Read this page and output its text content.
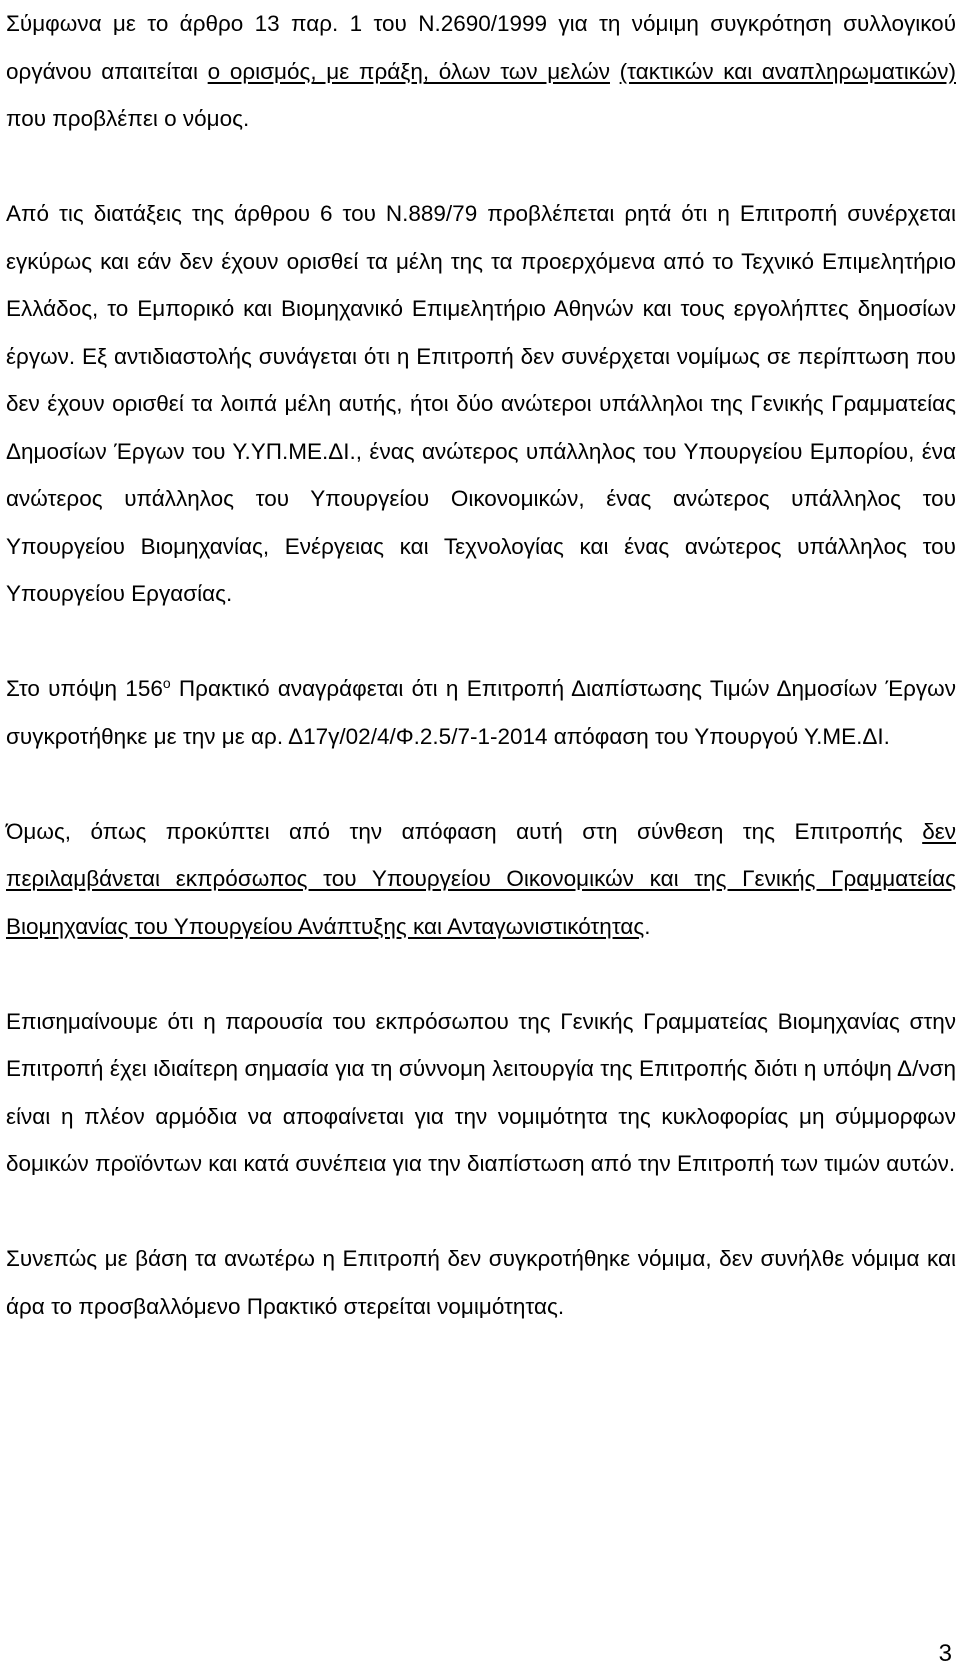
Σύμφωνα με το άρθρο 13 παρ. 1 του Ν.2690/1999 για τη νόμιμη συγκρότηση συλλογικού οργάνου απαιτείται ο ορισμός, με πράξη, όλων των μελών (τακτικών και αναπληρωματικών) που προβλέπει ο νόμος.

Από τις διατάξεις της άρθρου 6 του Ν.889/79 προβλέπεται ρητά ότι η Επιτροπή συνέρχεται εγκύρως και εάν δεν έχουν ορισθεί τα μέλη της τα προερχόμενα από το Τεχνικό Επιμελητήριο Ελλάδος, το Εμπορικό και Βιομηχανικό Επιμελητήριο Αθηνών και τους εργολήπτες δημοσίων έργων. Εξ αντιδιαστολής συνάγεται ότι η Επιτροπή δεν συνέρχεται νομίμως σε περίπτωση που δεν έχουν ορισθεί τα λοιπά μέλη αυτής, ήτοι δύο ανώτεροι υπάλληλοι της Γενικής Γραμματείας Δημοσίων Έργων του Υ.ΥΠ.ΜΕ.ΔΙ., ένας ανώτερος υπάλληλος του Υπουργείου Εμπορίου, ένα ανώτερος υπάλληλος του Υπουργείου Οικονομικών, ένας ανώτερος υπάλληλος του Υπουργείου Βιομηχανίας, Ενέργειας και Τεχνολογίας και ένας ανώτερος υπάλληλος του Υπουργείου Εργασίας.

Στο υπόψη $156^o$ Πρακτικό αναγράφεται ότι η Επιτροπή Διαπίστωσης Τιμών Δημοσίων Έργων συγκροτήθηκε με την με αρ. Δ17γ/02/4/Φ.2.5/7-1-2014 απόφαση του Υπουργού Υ.ΜΕ.ΔΙ.

Όμως, όπως προκύπτει από την απόφαση αυτή στη σύνθεση της Επιτροπής δεν περιλαμβάνεται εκπρόσωπος του Υπουργείου Οικονομικών και της Γενικής Γραμματείας Βιομηχανίας του Υπουργείου Ανάπτυξης και Ανταγωνιστικότητας.

Επισημαίνουμε ότι η παρουσία του εκπρόσωπου της Γενικής Γραμματείας Βιομηχανίας στην Επιτροπή έχει ιδιαίτερη σημασία για τη σύννομη λειτουργία της Επιτροπής διότι η υπόψη Δ/νση είναι η πλέον αρμόδια να αποφαίνεται για την νομιμότητα της κυκλοφορίας μη σύμμορφων δομικών προϊόντων και κατά συνέπεια για την διαπίστωση από την Επιτροπή των τιμών αυτών.

Συνεπώς με βάση τα ανωτέρω η Επιτροπή δεν συγκροτήθηκε νόμιμα, δεν συνήλθε νόμιμα και άρα το προσβαλλόμενο Πρακτικό στερείται νομιμότητας.

3
